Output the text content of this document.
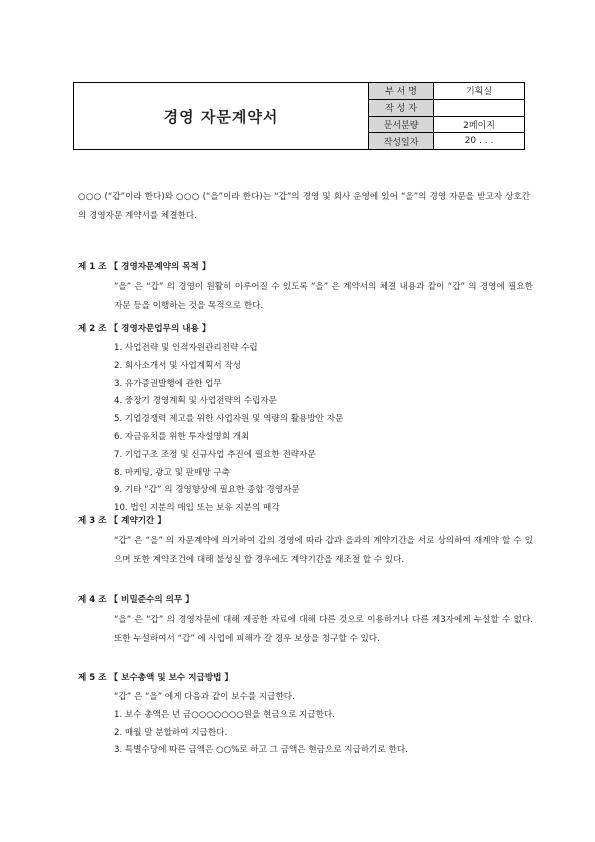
경영 자문계약서
부 서 명	기획실
작 성 자
문서분량	2페이지
작성일자	20 . . .
○○○ (“갑”이라 한다)와 ○○○ (“을”이라 한다)는 “갑”의 경영 및 회사 운영에 있어 “을”의 경영 자문을 받고자 상호간의 경영자문 계약서를 체결한다.
제 1 조 【 경영자문계약의 목적 】
“을” 은 “갑” 의 경영이 원활히 이루어질 수 있도록 “을” 은 계약서의 체결 내용과 같이 “갑” 의 경영에 필요한 자문 등을 이행하는 것을 목적으로 한다.
제 2 조 【 경영자문업무의 내용 】
1. 사업전략 및 인적자원관리전략 수립
2. 회사소개서 및 사업계획서 작성
3. 유가증권발행에 관한 업무
4. 중장기 경영계획 및 사업전략의 수립자문
5. 기업경쟁력 제고를 위한 사업자원 및 역량의 활용방안 자문
6. 자금유치를 위한 투자설명회 개최
7. 기업구조 조정 및 신규사업 추진에 필요한 전략자문
8. 마케팅, 광고 및 판매망 구축
9. 기타 “갑” 의 경영향상에 필요한 종합 경영자문
10. 법인 지분의 매입 또는 보유 지분의 매각
제 3 조 【 계약기간 】
“갑” 은 “을” 의 자문계약에 의거하여 갑의 경영에 따라 갑과 을과의 계약기간을 서로 상의하여 재계약 할 수 있으며 또한 계약조건에 대해 불성실 할 경우에도 계약기간을 재조절 할 수 있다.
제 4 조 【 비밀준수의 의무 】
“을” 은 “갑” 의 경영자문에 대해 제공한 자료에 대해 다른 것으로 이용하거나 다른 제3자에게 누설할 수 없다. 또한 누설하여서 “갑” 에 사업에 피해가 갈 경우 보상을 청구할 수 있다.
제 5 조 【 보수총액 및 보수 지급방법 】
“갑” 은 “을” 에게 다음과 같이 보수를 지급한다.
1. 보수 총액은 년 금○○○○○○○원을 현금으로 지급한다.
2. 매월 말 분할하여 지급한다.
3. 특별수당에 따른 금액은 ○○%로 하고 그 금액은 현금으로 지급하기로 한다.
